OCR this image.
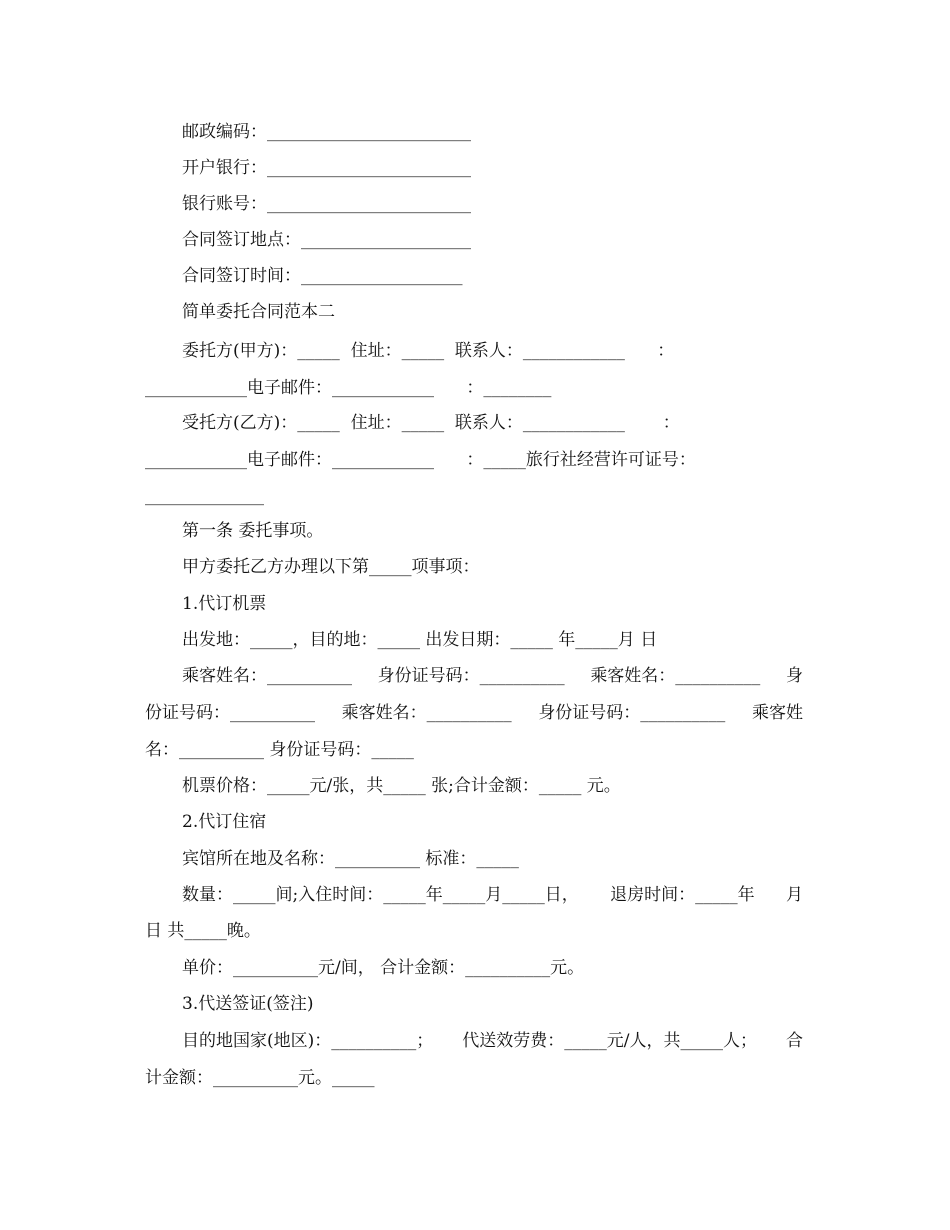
邮政编码：________________________
开户银行：________________________
银行账号：________________________
合同签订地点：____________________
合同签订时间：___________________
简单委托合同范本二
委托方(甲方)：_____  住址：_____  联系人：____________      ：
____________电子邮件：____________      ：________
受托方(乙方)：_____  住址：_____  联系人：____________       ：
____________电子邮件：____________      ：_____旅行社经营许可证号：
______________
第一条 委托事项。
甲方委托乙方办理以下第_____项事项：
1.代订机票
出发地：_____，目的地：_____ 出发日期：_____ 年_____月 日
乘客姓名：__________ 身份证号码：__________ 乘客姓名：__________ 身
份证号码：__________ 乘客姓名：__________ 身份证号码：__________ 乘客姓
名：__________ 身份证号码：_____
机票价格：_____元/张，共_____ 张;合计金额：_____ 元。
2.代订住宿
宾馆所在地及名称：__________ 标准：_____
数量：_____间;入住时间：_____年_____月_____日， 退房时间：_____年 月
日 共_____晚。
单价：__________元/间， 合计金额：__________元。
3.代送签证(签注)
目的地国家(地区)：__________； 代送效劳费：_____元/人，共_____人； 合
计金额：__________元。_____
